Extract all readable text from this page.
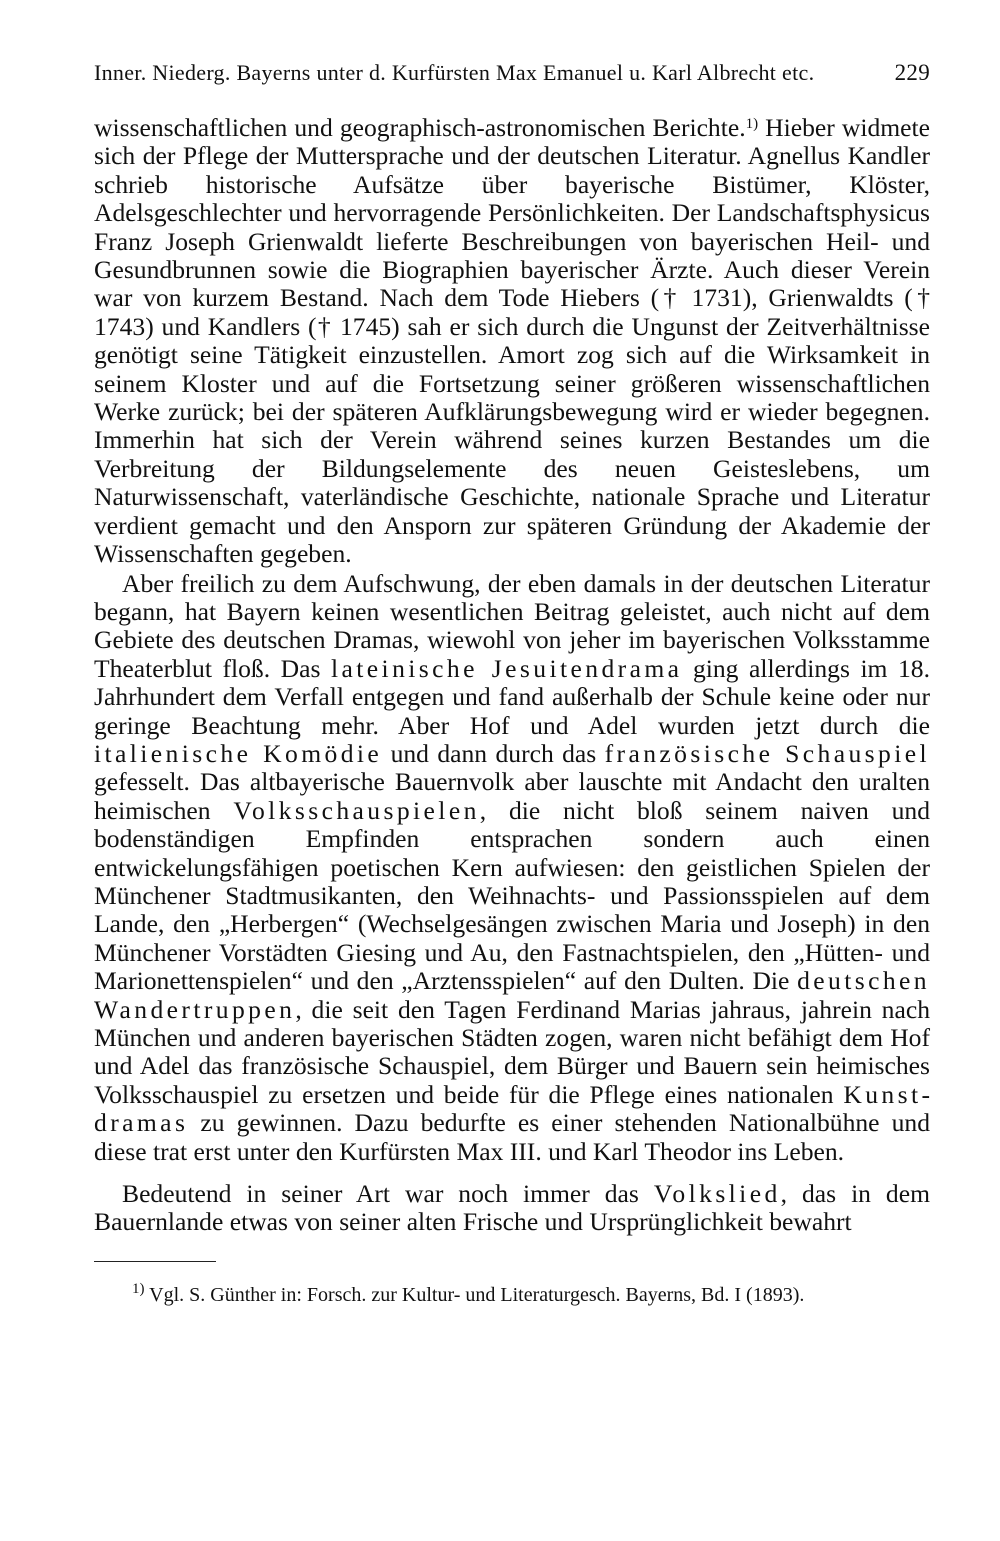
Inner. Niederg. Bayerns unter d. Kurfürsten Max Emanuel u. Karl Albrecht etc.	229

wissenschaftlichen und geographisch-astronomischen Berichte.$^{1)}$ Hieber widmete sich der Pflege der Muttersprache und der deutschen Literatur. Agnellus Kandler schrieb historische Aufsätze über bayerische Bistümer, Klöster, Adelsgeschlechter und hervorragende Persönlichkeiten. Der Landschaftsphysicus Franz Joseph Grienwaldt lieferte Beschreibungen von bayerischen Heil- und Gesundbrunnen sowie die Biographien bayerischer Ärzte. Auch dieser Verein war von kurzem Bestand. Nach dem Tode Hiebers († 1731), Grienwaldts († 1743) und Kandlers († 1745) sah er sich durch die Ungunst der Zeitverhältnisse genötigt seine Tätigkeit einzustellen. Amort zog sich auf die Wirksamkeit in seinem Kloster und auf die Fortsetzung seiner größeren wissenschaftlichen Werke zurück; bei der späteren Aufklärungsbewegung wird er wieder begegnen. Immerhin hat sich der Verein während seines kurzen Bestandes um die Verbreitung der Bildungselemente des neuen Geisteslebens, um Naturwissenschaft, vaterländische Geschichte, nationale Sprache und Literatur verdient gemacht und den Ansporn zur späteren Gründung der Akademie der Wissenschaften gegeben.

Aber freilich zu dem Aufschwung, der eben damals in der deutschen Literatur begann, hat Bayern keinen wesentlichen Beitrag geleistet, auch nicht auf dem Gebiete des deutschen Dramas, wiewohl von jeher im bayerischen Volksstamme Theaterblut floß. Das lateinische Jesuitendrama ging allerdings im 18. Jahrhundert dem Verfall entgegen und fand außerhalb der Schule keine oder nur geringe Beachtung mehr. Aber Hof und Adel wurden jetzt durch die italienische Komödie und dann durch das französische Schauspiel gefesselt. Das altbayerische Bauernvolk aber lauschte mit Andacht den uralten heimischen Volksschauspielen, die nicht bloß seinem naiven und bodenständigen Empfinden entsprachen sondern auch einen entwickelungsfähigen poetischen Kern aufwiesen: den geistlichen Spielen der Münchener Stadtmusikanten, den Weihnachts- und Passionsspielen auf dem Lande, den „Herbergen“ (Wechselgesängen zwischen Maria und Joseph) in den Münchener Vorstädten Giesing und Au, den Fastnachtspielen, den „Hütten- und Marionettenspielen“ und den „Arztensspielen“ auf den Dulten. Die deutschen Wandertruppen, die seit den Tagen Ferdinand Marias jahraus, jahrein nach München und anderen bayerischen Städten zogen, waren nicht befähigt dem Hof und Adel das französische Schauspiel, dem Bürger und Bauern sein heimisches Volksschauspiel zu ersetzen und beide für die Pflege eines nationalen Kunstdramas zu gewinnen. Dazu bedurfte es einer stehenden Nationalbühne und diese trat erst unter den Kurfürsten Max III. und Karl Theodor ins Leben.

Bedeutend in seiner Art war noch immer das Volkslied, das in dem Bauernlande etwas von seiner alten Frische und Ursprünglichkeit bewahrt

$^{1)}$ Vgl. S. Günther in: Forsch. zur Kultur- und Literaturgesch. Bayerns, Bd. I (1893).
